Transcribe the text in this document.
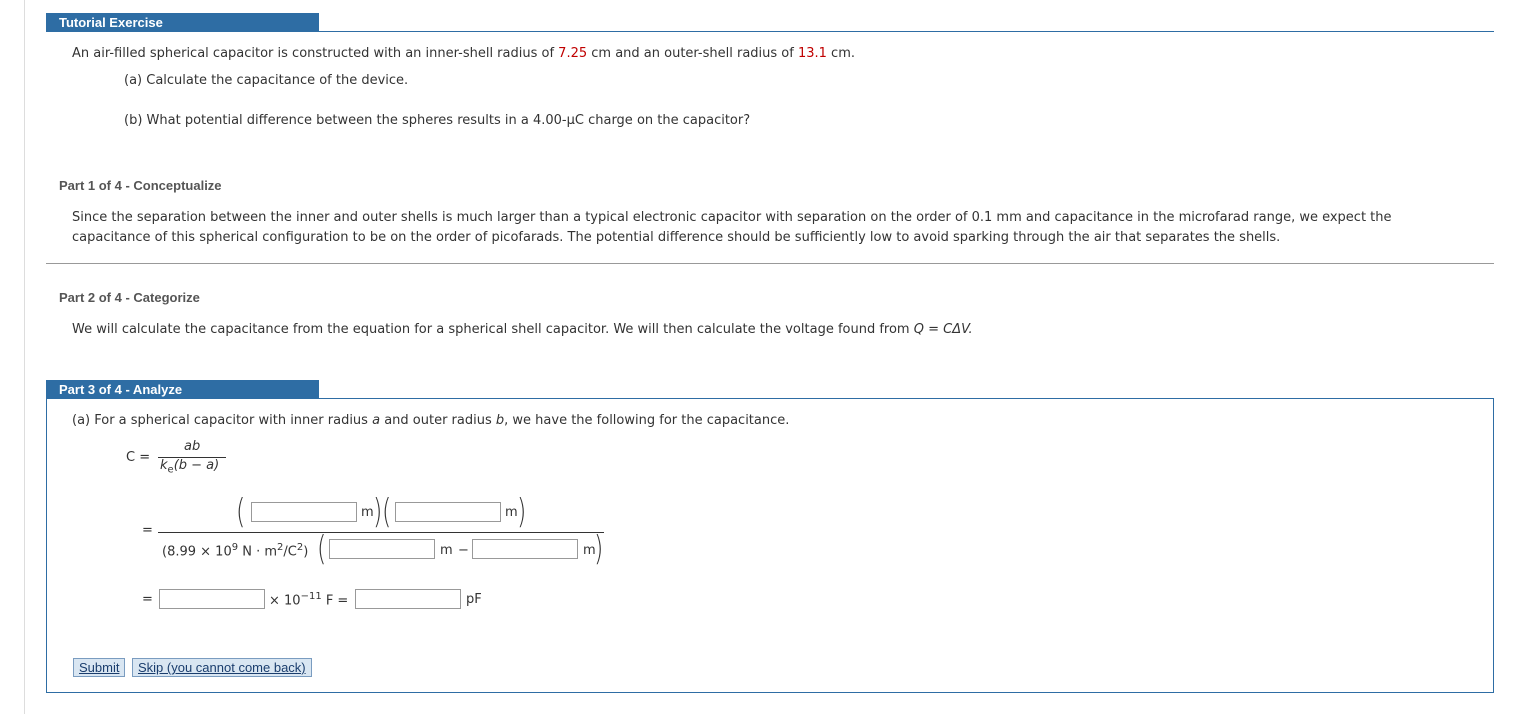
Tutorial Exercise
An air-filled spherical capacitor is constructed with an inner-shell radius of 7.25 cm and an outer-shell radius of 13.1 cm.
(a) Calculate the capacitance of the device.
(b) What potential difference between the spheres results in a 4.00-µC charge on the capacitor?
Part 1 of 4 - Conceptualize
Since the separation between the inner and outer shells is much larger than a typical electronic capacitor with separation on the order of 0.1 mm and capacitance in the microfarad range, we expect the
capacitance of this spherical configuration to be on the order of picofarads. The potential difference should be sufficiently low to avoid sparking through the air that separates the shells.
Part 2 of 4 - Categorize
We will calculate the capacitance from the equation for a spherical shell capacitor. We will then calculate the voltage found from Q = CΔV.
Part 3 of 4 - Analyze
(a) For a spherical capacitor with inner radius a and outer radius b, we have the following for the capacitance.
C =
ab
$k_e(b - a)$
= (	m ) (	m )
($8.99 \times 10^9$ $N \cdot m^2/C^2$) (	m −	m
)
=	× $10^{-11}$ F =	pF
Submit	Skip (you cannot come back)
